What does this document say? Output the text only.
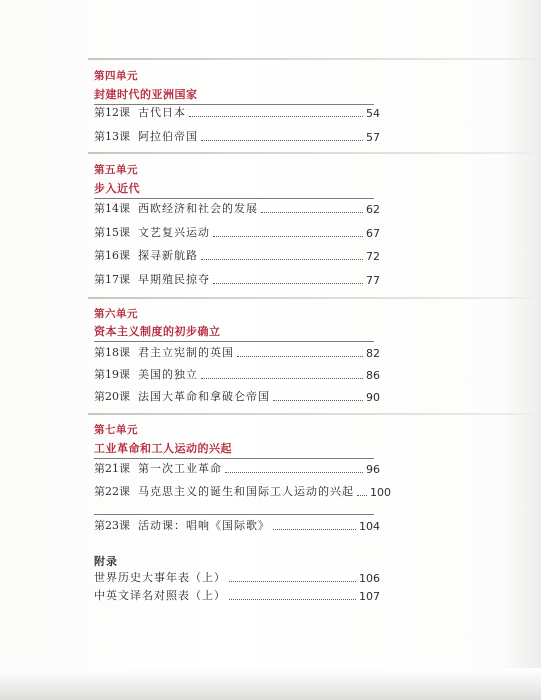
第四单元
封建时代的亚洲国家
第12课 古代日本	54
第13课 阿拉伯帝国	57
第五单元
步入近代
第14课 西欧经济和社会的发展	62
第15课 文艺复兴运动	67
第16课 探寻新航路	72
第17课 早期殖民掠夺	77
第六单元
资本主义制度的初步确立
第18课 君主立宪制的英国	82
第19课 美国的独立	86
第20课 法国大革命和拿破仑帝国	90
第七单元
工业革命和工人运动的兴起
第21课 第一次工业革命	96
第22课 马克思主义的诞生和国际工人运动的兴起 100
第23课 活动课：唱响《国际歌》	104
附录
世界历史大事年表（上）	106
中英文译名对照表（上）	107
